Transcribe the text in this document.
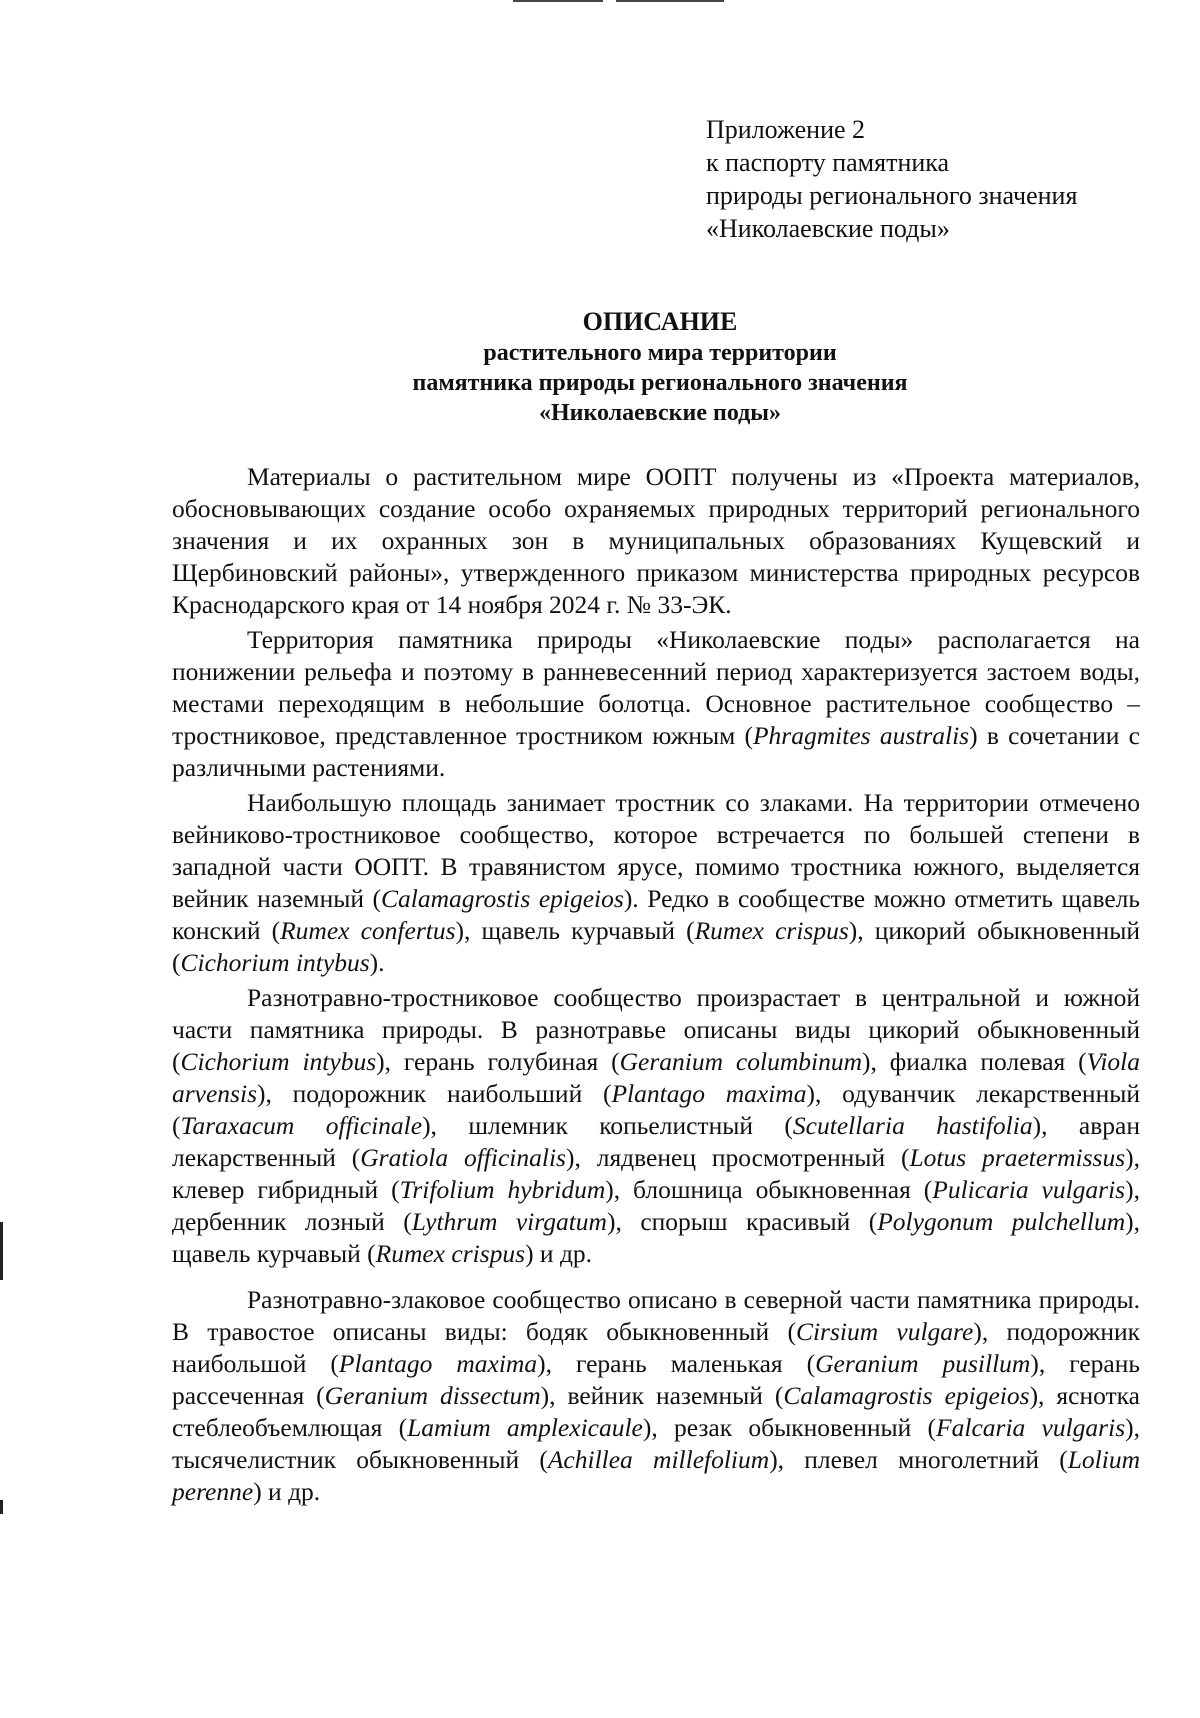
Приложение 2
к паспорту памятника
природы регионального значения
«Николаевские поды»
ОПИСАНИЕ
растительного мира территории
памятника природы регионального значения
«Николаевские поды»

Материалы о растительном мире ООПТ получены из «Проекта материалов, обосновывающих создание особо охраняемых природных территорий регионального значения и их охранных зон в муниципальных образованиях Кущевский и Щербиновский районы», утвержденного приказом министерства природных ресурсов Краснодарского края от 14 ноября 2024 г. № 33-ЭК.

Территория памятника природы «Николаевские поды» располагается на понижении рельефа и поэтому в ранневесенний период характеризуется застоем воды, местами переходящим в небольшие болотца. Основное растительное сообщество – тростниковое, представленное тростником южным (Phragmites australis) в сочетании с различными растениями.

Наибольшую площадь занимает тростник со злаками. На территории отмечено вейниково-тростниковое сообщество, которое встречается по большей степени в западной части ООПТ. В травянистом ярусе, помимо тростника южного, выделяется вейник наземный (Calamagrostis epigeios). Редко в сообществе можно отметить щавель конский (Rumex confertus), щавель курчавый (Rumex crispus), цикорий обыкновенный (Cichorium intybus).

Разнотравно-тростниковое сообщество произрастает в центральной и южной части памятника природы. В разнотравье описаны виды цикорий обыкновенный (Cichorium intybus), герань голубиная (Geranium columbinum), фиалка полевая (Viola arvensis), подорожник наибольший (Plantago maxima), одуванчик лекарственный (Taraxacum officinale), шлемник копьелистный (Scutellaria hastifolia), авран лекарственный (Gratiola officinalis), лядвенец просмотренный (Lotus praetermissus), клевер гибридный (Trifolium hybridum), блошница обыкновенная (Pulicaria vulgaris), дербенник лозный (Lythrum virgatum), спорыш красивый (Polygonum pulchellum), щавель курчавый (Rumex crispus) и др.

Разнотравно-злаковое сообщество описано в северной части памятника природы. В травостое описаны виды: бодяк обыкновенный (Cirsium vulgare), подорожник наибольшой (Plantago maxima), герань маленькая (Geranium pusillum), герань рассеченная (Geranium dissectum), вейник наземный (Calamagrostis epigeios), яснотка стеблеобъемлющая (Lamium amplexicaule), резак обыкновенный (Falcaria vulgaris), тысячелистник обыкновенный (Achillea millefolium), плевел многолетний (Lolium perenne) и др.
